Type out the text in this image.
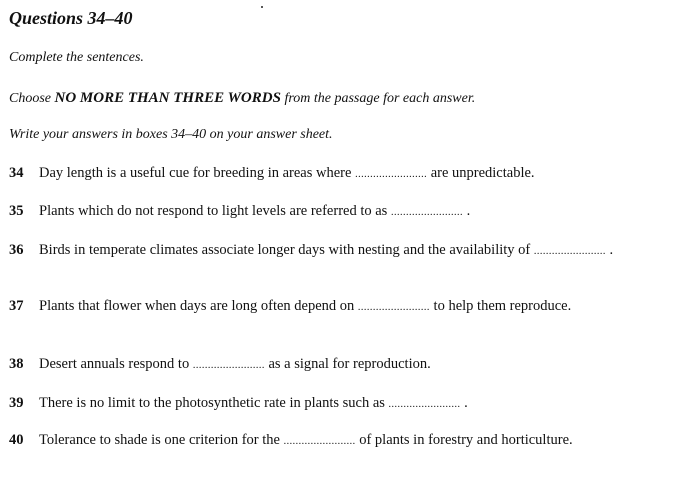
Questions 34–40
Complete the sentences.
Choose NO MORE THAN THREE WORDS from the passage for each answer.
Write your answers in boxes 34–40 on your answer sheet.
34	Day length is a useful cue for breeding in areas where ........................ are unpredictable.
35	Plants which do not respond to light levels are referred to as ........................ .
36	Birds in temperate climates associate longer days with nesting and the availability of ........................ .
37	Plants that flower when days are long often depend on ........................ to help them reproduce.
38	Desert annuals respond to ........................ as a signal for reproduction.
39	There is no limit to the photosynthetic rate in plants such as ........................ .
40	Tolerance to shade is one criterion for the ........................ of plants in forestry and horticulture.
